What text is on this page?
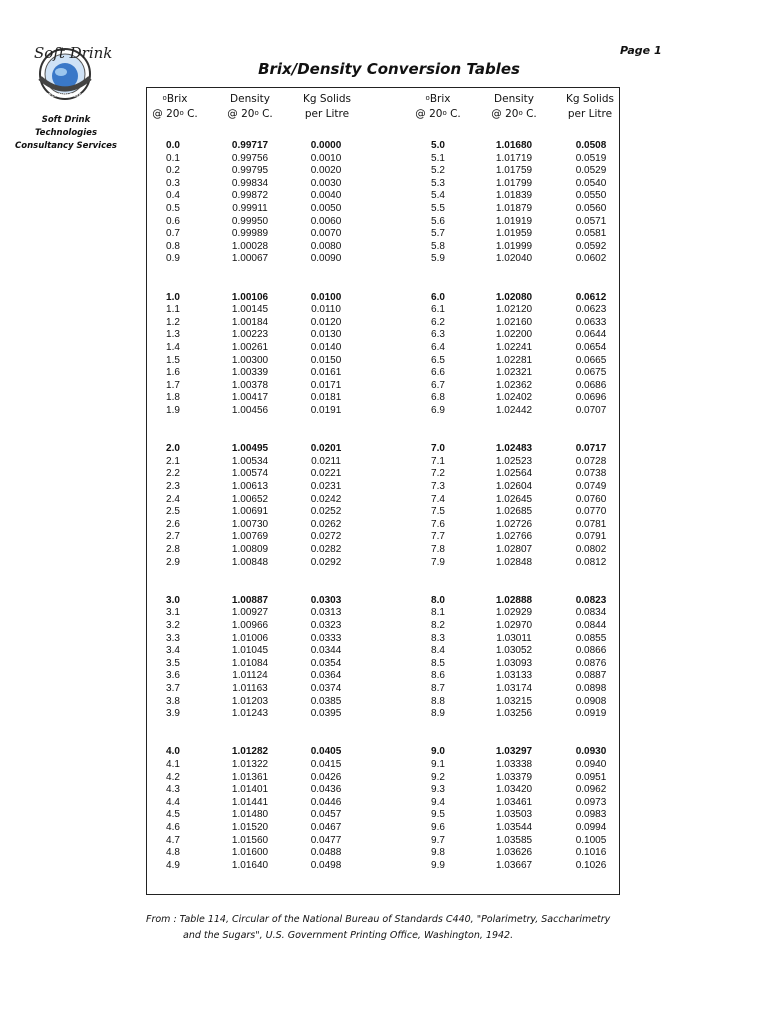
Page 1
Brix/Density Conversion Tables
Soft Drink
TECHNOLOGIES
Soft Drink
Technologies
Consultancy Services
$^o$Brix
@ 20$^o$ C.
Density
@ 20$^o$ C.
Kg Solids
per Litre
$^o$Brix
@ 20$^o$ C.
Density
@ 20$^o$ C.
Kg Solids
per Litre
0.0	0.99717	0.0000
0.1	0.99756	0.0010
0.2	0.99795	0.0020
0.3	0.99834	0.0030
0.4	0.99872	0.0040
0.5	0.99911	0.0050
0.6	0.99950	0.0060
0.7	0.99989	0.0070
0.8	1.00028	0.0080
0.9	1.00067	0.0090
1.0	1.00106	0.0100
1.1	1.00145	0.0110
1.2	1.00184	0.0120
1.3	1.00223	0.0130
1.4	1.00261	0.0140
1.5	1.00300	0.0150
1.6	1.00339	0.0161
1.7	1.00378	0.0171
1.8	1.00417	0.0181
1.9	1.00456	0.0191
2.0	1.00495	0.0201
2.1	1.00534	0.0211
2.2	1.00574	0.0221
2.3	1.00613	0.0231
2.4	1.00652	0.0242
2.5	1.00691	0.0252
2.6	1.00730	0.0262
2.7	1.00769	0.0272
2.8	1.00809	0.0282
2.9	1.00848	0.0292
3.0	1.00887	0.0303
3.1	1.00927	0.0313
3.2	1.00966	0.0323
3.3	1.01006	0.0333
3.4	1.01045	0.0344
3.5	1.01084	0.0354
3.6	1.01124	0.0364
3.7	1.01163	0.0374
3.8	1.01203	0.0385
3.9	1.01243	0.0395
4.0	1.01282	0.0405
4.1	1.01322	0.0415
4.2	1.01361	0.0426
4.3	1.01401	0.0436
4.4	1.01441	0.0446
4.5	1.01480	0.0457
4.6	1.01520	0.0467
4.7	1.01560	0.0477
4.8	1.01600	0.0488
4.9	1.01640	0.0498
5.0	1.01680	0.0508
5.1	1.01719	0.0519
5.2	1.01759	0.0529
5.3	1.01799	0.0540
5.4	1.01839	0.0550
5.5	1.01879	0.0560
5.6	1.01919	0.0571
5.7	1.01959	0.0581
5.8	1.01999	0.0592
5.9	1.02040	0.0602
6.0	1.02080	0.0612
6.1	1.02120	0.0623
6.2	1.02160	0.0633
6.3	1.02200	0.0644
6.4	1.02241	0.0654
6.5	1.02281	0.0665
6.6	1.02321	0.0675
6.7	1.02362	0.0686
6.8	1.02402	0.0696
6.9	1.02442	0.0707
7.0	1.02483	0.0717
7.1	1.02523	0.0728
7.2	1.02564	0.0738
7.3	1.02604	0.0749
7.4	1.02645	0.0760
7.5	1.02685	0.0770
7.6	1.02726	0.0781
7.7	1.02766	0.0791
7.8	1.02807	0.0802
7.9	1.02848	0.0812
8.0	1.02888	0.0823
8.1	1.02929	0.0834
8.2	1.02970	0.0844
8.3	1.03011	0.0855
8.4	1.03052	0.0866
8.5	1.03093	0.0876
8.6	1.03133	0.0887
8.7	1.03174	0.0898
8.8	1.03215	0.0908
8.9	1.03256	0.0919
9.0	1.03297	0.0930
9.1	1.03338	0.0940
9.2	1.03379	0.0951
9.3	1.03420	0.0962
9.4	1.03461	0.0973
9.5	1.03503	0.0983
9.6	1.03544	0.0994
9.7	1.03585	0.1005
9.8	1.03626	0.1016
9.9	1.03667	0.1026
From : Table 114, Circular of the National Bureau of Standards C440, "Polarimetry, Saccharimetry
and the Sugars", U.S. Government Printing Office, Washington, 1942.
